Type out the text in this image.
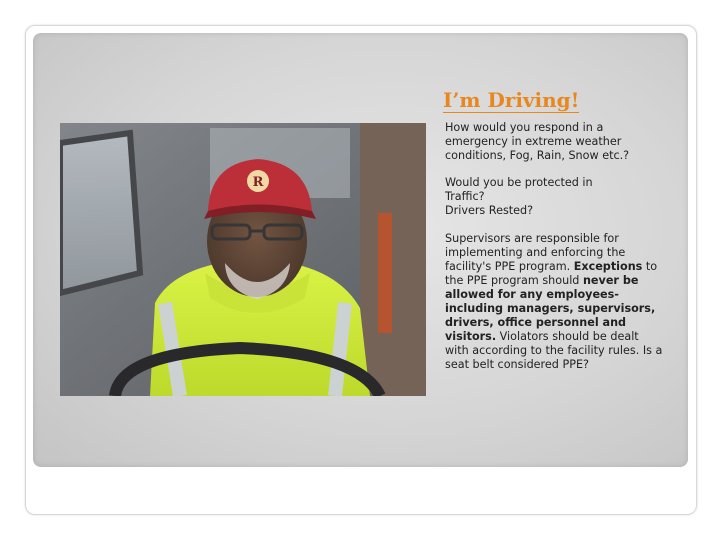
I’m Driving!
R

How would you respond in a emergency in extreme weather conditions, Fog, Rain, Snow etc.?

Would you be protected in
Traffic?
Drivers Rested?

Supervisors are responsible for implementing and enforcing the facility's PPE program. Exceptions to the PPE program should never be allowed for any employees-including managers, supervisors, drivers, office personnel and visitors. Violators should be dealt with according to the facility rules. Is a seat belt considered PPE?
